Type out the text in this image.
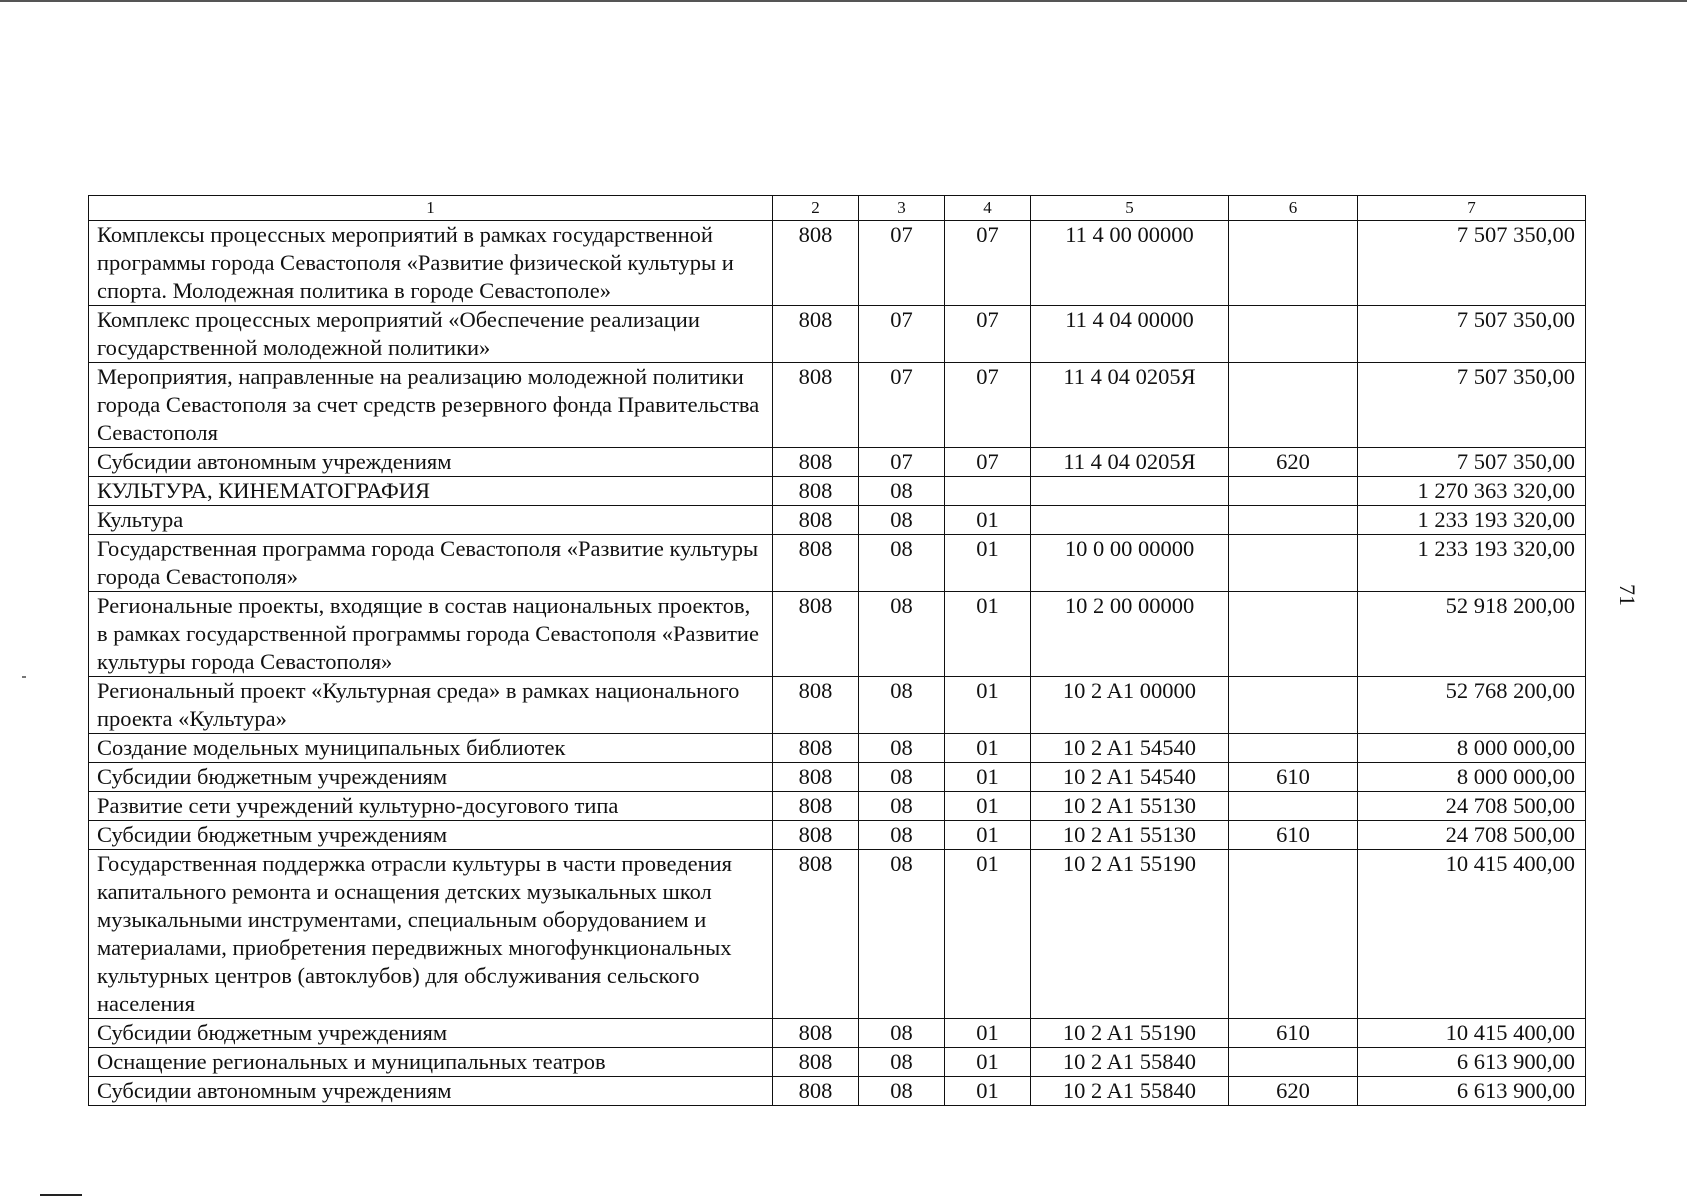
71
1	2	3	4	5	6	7
Комплексы процессных мероприятий в рамках государственной программы города Севастополя «Развитие физической культуры и спорта. Молодежная политика в городе Севастополе»	808	07	07	11 4 00 00000		7 507 350,00
Комплекс процессных мероприятий «Обеспечение реализации государственной молодежной политики»	808	07	07	11 4 04 00000		7 507 350,00
Мероприятия, направленные на реализацию молодежной политики города Севастополя за счет средств резервного фонда Правительства Севастополя	808	07	07	11 4 04 0205Я		7 507 350,00
Субсидии автономным учреждениям	808	07	07	11 4 04 0205Я	620	7 507 350,00
КУЛЬТУРА, КИНЕМАТОГРАФИЯ	808	08				1 270 363 320,00
Культура	808	08	01			1 233 193 320,00
Государственная программа города Севастополя «Развитие культуры города Севастополя»	808	08	01	10 0 00 00000		1 233 193 320,00
Региональные проекты, входящие в состав национальных проектов, в рамках государственной программы города Севастополя «Развитие культуры города Севастополя»	808	08	01	10 2 00 00000		52 918 200,00
Региональный проект «Культурная среда» в рамках национального проекта «Культура»	808	08	01	10 2 A1 00000		52 768 200,00
Создание модельных муниципальных библиотек	808	08	01	10 2 A1 54540		8 000 000,00
Субсидии бюджетным учреждениям	808	08	01	10 2 A1 54540	610	8 000 000,00
Развитие сети учреждений культурно-досугового типа	808	08	01	10 2 A1 55130		24 708 500,00
Субсидии бюджетным учреждениям	808	08	01	10 2 A1 55130	610	24 708 500,00
Государственная поддержка отрасли культуры в части проведения капитального ремонта и оснащения детских музыкальных школ музыкальными инструментами, специальным оборудованием и материалами, приобретения передвижных многофункциональных культурных центров (автоклубов) для обслуживания сельского населения	808	08	01	10 2 A1 55190		10 415 400,00
Субсидии бюджетным учреждениям	808	08	01	10 2 A1 55190	610	10 415 400,00
Оснащение региональных и муниципальных театров	808	08	01	10 2 A1 55840		6 613 900,00
Субсидии автономным учреждениям	808	08	01	10 2 A1 55840	620	6 613 900,00
